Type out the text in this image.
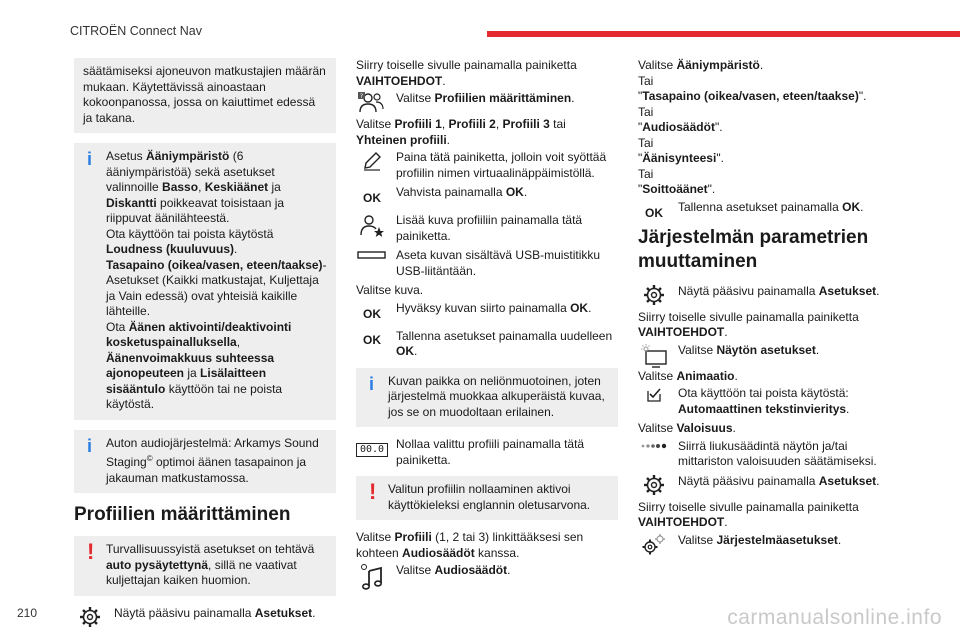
CITROËN Connect Nav

säätämiseksi ajoneuvon matkustajien määrän mukaan. Käytettävissä ainoastaan kokoonpanossa, jossa on kaiuttimet edessä ja takana.

i Asetus Ääniympäristö (6 ääniympäristöä) sekä asetukset valinnoille Basso, Keskiäänet ja Diskantti poikkeavat toisistaan ja riippuvat äänilähteestä.
Ota käyttöön tai poista käytöstä Loudness (kuuluvuus).
Tasapaino (oikea/vasen, eteen/taakse)- Asetukset (Kaikki matkustajat, Kuljettaja ja Vain edessä) ovat yhteisiä kaikille lähteille.
Ota Äänen aktivointi/deaktivointi kosketuspainalluksella, Äänenvoimakkuus suhteessa ajonopeuteen ja Lisälaitteen sisääntulo käyttöön tai ne poista käytöstä.

i Auton audiojärjestelmä: Arkamys Sound Staging© optimoi äänen tasapainon ja jakauman matkustamossa.

Profiilien määrittäminen
! Turvallisuussyistä asetukset on tehtävä auto pysäytettynä, sillä ne vaativat kuljettajan kaiken huomion.

Näytä pääsivu painamalla Asetukset.

Siirry toiselle sivulle painamalla painiketta VAIHTOEHDOT.

?	Valitse Profiilien määrittäminen.

Valitse Profiili 1, Profiili 2, Profiili 3 tai Yhteinen profiili.

Paina tätä painiketta, jolloin voit syöttää profiilin nimen virtuaalinäppäimistöllä.

OK	Vahvista painamalla OK.

Lisää kuva profiiliin painamalla tätä painiketta.

Aseta kuvan sisältävä USB-muistitikku USB-liitäntään.

Valitse kuva.

OK	Hyväksy kuvan siirto painamalla OK.

OK	Tallenna asetukset painamalla uudelleen OK.

i Kuvan paikka on neliönmuotoinen, joten järjestelmä muokkaa alkuperäistä kuvaa, jos se on muodoltaan erilainen.

00.0 Nollaa valittu profiili painamalla tätä painiketta.

! Valitun profiilin nollaaminen aktivoi käyttökieleksi englannin oletusarvona.

Valitse Profiili (1, 2 tai 3) linkittääksesi sen kohteen Audiosäädöt kanssa.

Valitse Audiosäädöt.

Valitse Ääniympäristö.

Tai

"Tasapaino (oikea/vasen, eteen/taakse)".

Tai

"Audiosäädöt".

Tai

"Äänisynteesi".

Tai

"Soittoäänet".

OK	Tallenna asetukset painamalla OK.

Järjestelmän parametrien muuttaminen

Näytä pääsivu painamalla Asetukset.

Siirry toiselle sivulle painamalla painiketta VAIHTOEHDOT.

Valitse Näytön asetukset.

Valitse Animaatio.

Ota käyttöön tai poista käytöstä: Automaattinen tekstinvieritys.

Valitse Valoisuus.

Siirrä liukusäädintä näytön ja/tai mittariston valoisuuden säätämiseksi.

Näytä pääsivu painamalla Asetukset.

Siirry toiselle sivulle painamalla painiketta VAIHTOEHDOT.

Valitse Järjestelmäasetukset.

210	carmanualsonline.info
